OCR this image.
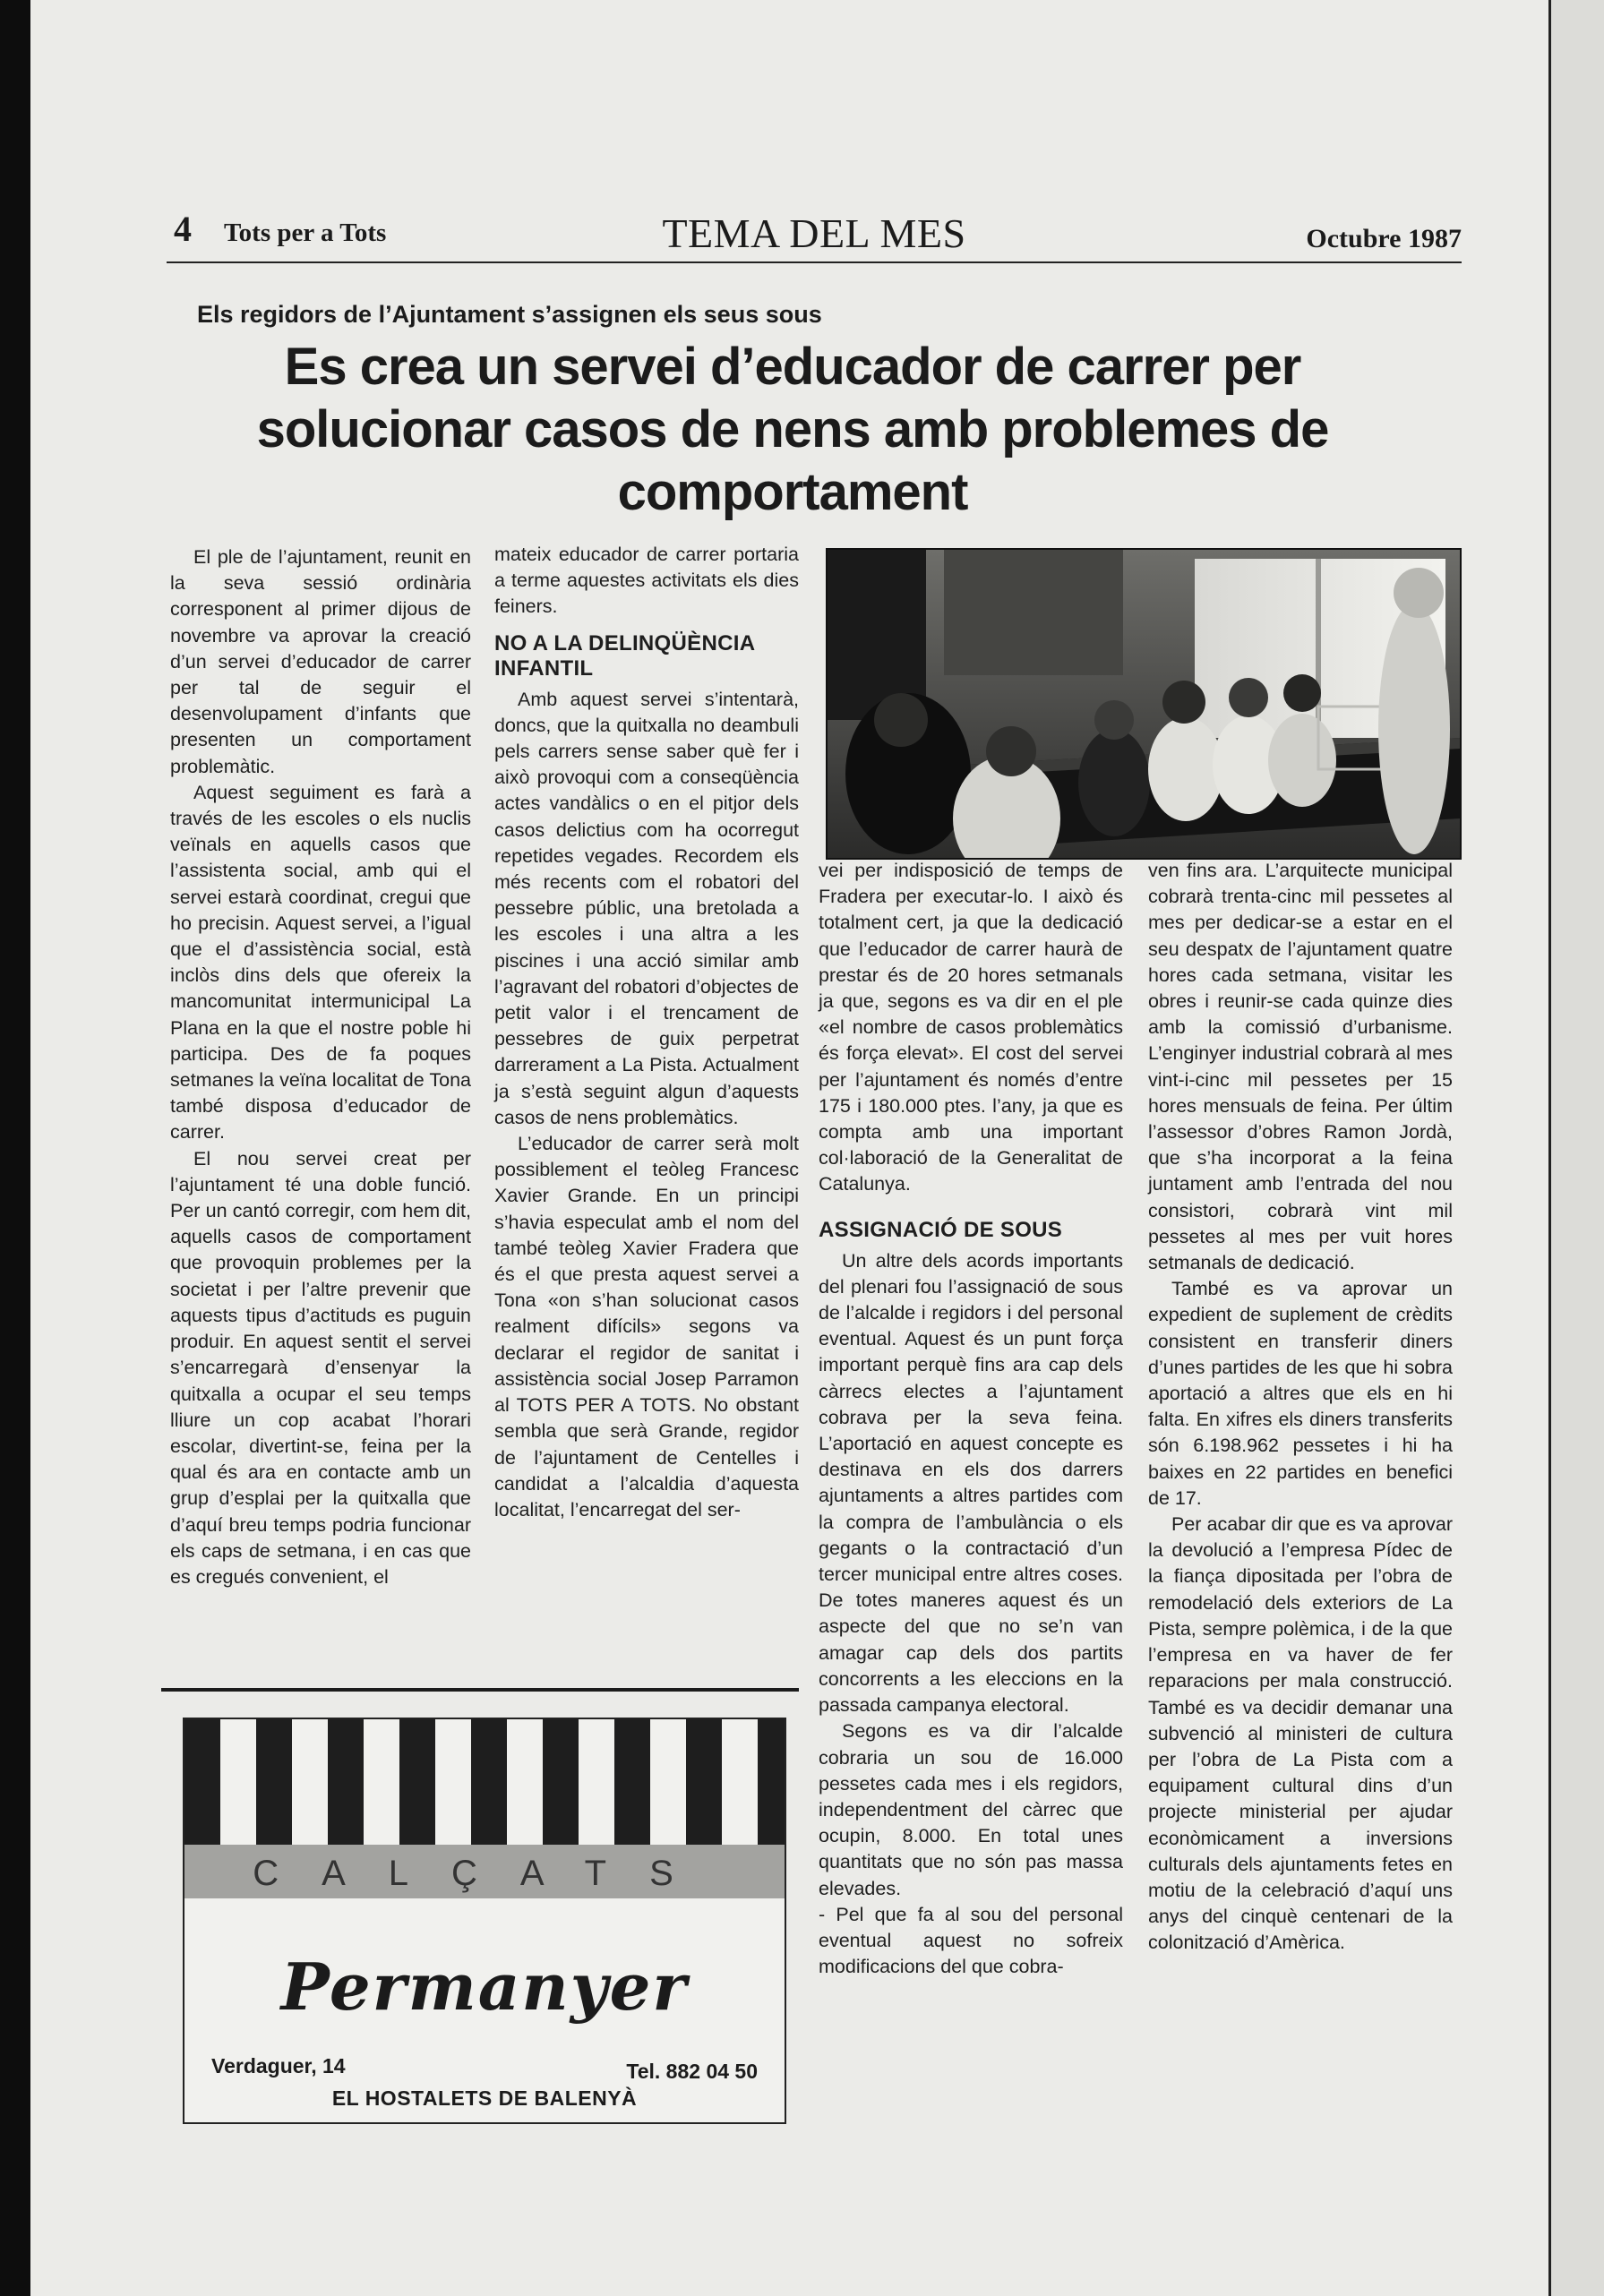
4 Tots per a Tots	TEMA DEL MES	Octubre 1987
Els regidors de l’Ajuntament s’assignen els seus sous
Es crea un servei d’educador de carrer per solucionar casos de nens amb problemes de comportament

El ple de l’ajuntament, reunit en la seva sessió ordinària corresponent al primer dijous de novembre va aprovar la creació d’un servei d’educador de carrer per tal de seguir el desenvolupament d’infants que presenten un comportament problemàtic.

Aquest seguiment es farà a través de les escoles o els nuclis veïnals en aquells casos que l’assistenta social, amb qui el servei estarà coordinat, cregui que ho precisin. Aquest servei, a l’igual que el d’assistència social, està inclòs dins dels que ofereix la mancomunitat intermunicipal La Plana en la que el nostre poble hi participa. Des de fa poques setmanes la veïna localitat de Tona també disposa d’educador de carrer.

El nou servei creat per l’ajuntament té una doble funció. Per un cantó corregir, com hem dit, aquells casos de comportament que provoquin problemes per la societat i per l’altre prevenir que aquests tipus d’actituds es puguin produir. En aquest sentit el servei s’encarregarà d’ensenyar la quitxalla a ocupar el seu temps lliure un cop acabat l’horari escolar, divertint-se, feina per la qual és ara en contacte amb un grup d’esplai per la quitxalla que d’aquí breu temps podria funcionar els caps de setmana, i en cas que es cregués convenient, el

mateix educador de carrer portaria a terme aquestes activitats els dies feiners.

NO A LA DELINQÜÈNCIA INFANTIL

Amb aquest servei s’intentarà, doncs, que la quitxalla no deambuli pels carrers sense saber què fer i això provoqui com a conseqüència actes vandàlics o en el pitjor dels casos delictius com ha ocorregut repetides vegades. Recordem els més recents com el robatori del pessebre públic, una bretolada a les escoles i una altra a les piscines i una acció similar amb l’agravant del robatori d’objectes de petit valor i el trencament de pessebres de guix perpetrat darrerament a La Pista. Actualment ja s’està seguint algun d’aquests casos de nens problemàtics.

L’educador de carrer serà molt possiblement el teòleg Francesc Xavier Grande. En un principi s’havia especulat amb el nom del també teòleg Xavier Fradera que és el que presta aquest servei a Tona «on s’han solucionat casos realment difícils» segons va declarar el regidor de sanitat i assistència social Josep Parramon al TOTS PER A TOTS. No obstant sembla que serà Grande, regidor de l’ajuntament de Centelles i candidat a l’alcaldia d’aquesta localitat, l’encarregat del ser-

vei per indisposició de temps de Fradera per executar-lo. I això és totalment cert, ja que la dedicació que l’educador de carrer haurà de prestar és de 20 hores setmanals ja que, segons es va dir en el ple «el nombre de casos problemàtics és força elevat». El cost del servei per l’ajuntament és només d’entre 175 i 180.000 ptes. l’any, ja que es compta amb una important col·laboració de la Generalitat de Catalunya.

ASSIGNACIÓ DE SOUS

Un altre dels acords importants del plenari fou l’assignació de sous de l’alcalde i regidors i del personal eventual. Aquest és un punt força important perquè fins ara cap dels càrrecs electes a l’ajuntament cobrava per la seva feina. L’aportació en aquest concepte es destinava en els dos darrers ajuntaments a altres partides com la compra de l’ambulància o els gegants o la contractació d’un tercer municipal entre altres coses. De totes maneres aquest és un aspecte del que no se’n van amagar cap dels dos partits concorrents a les eleccions en la passada campanya electoral.

Segons es va dir l’alcalde cobraria un sou de 16.000 pessetes cada mes i els regidors, independentment del càrrec que ocupin, 8.000. En total unes quantitats que no són pas massa elevades.

- Pel que fa al sou del personal eventual aquest no sofreix modificacions del que cobra-

ven fins ara. L’arquitecte municipal cobrarà trenta-cinc mil pessetes al mes per dedicar-se a estar en el seu despatx de l’ajuntament quatre hores cada setmana, visitar les obres i reunir-se cada quinze dies amb la comissió d’urbanisme. L’enginyer industrial cobrarà al mes vint-i-cinc mil pessetes per 15 hores mensuals de feina. Per últim l’assessor d’obres Ramon Jordà, que s’ha incorporat a la feina juntament amb l’entrada del nou consistori, cobrarà vint mil pessetes al mes per vuit hores setmanals de dedicació.

També es va aprovar un expedient de suplement de crèdits consistent en transferir diners d’unes partides de les que hi sobra aportació a altres que els en hi falta. En xifres els diners transferits són 6.198.962 pessetes i hi ha baixes en 22 partides en benefici de 17.

Per acabar dir que es va aprovar la devolució a l’empresa Pídec de la fiança dipositada per l’obra de remodelació dels exteriors de La Pista, sempre polèmica, i de la que l’empresa en va haver de fer reparacions per mala construcció. També es va decidir demanar una subvenció al ministeri de cultura per l’obra de La Pista com a equipament cultural dins d’un projecte ministerial per ajudar econòmicament a inversions culturals dels ajuntaments fetes en motiu de la celebració d’aquí uns anys del cinquè centenari de la colonització d’Amèrica.

CALÇATS
Permanyer
Verdaguer, 14	Tel. 882 04 50
EL HOSTALETS DE BALENYÀ
